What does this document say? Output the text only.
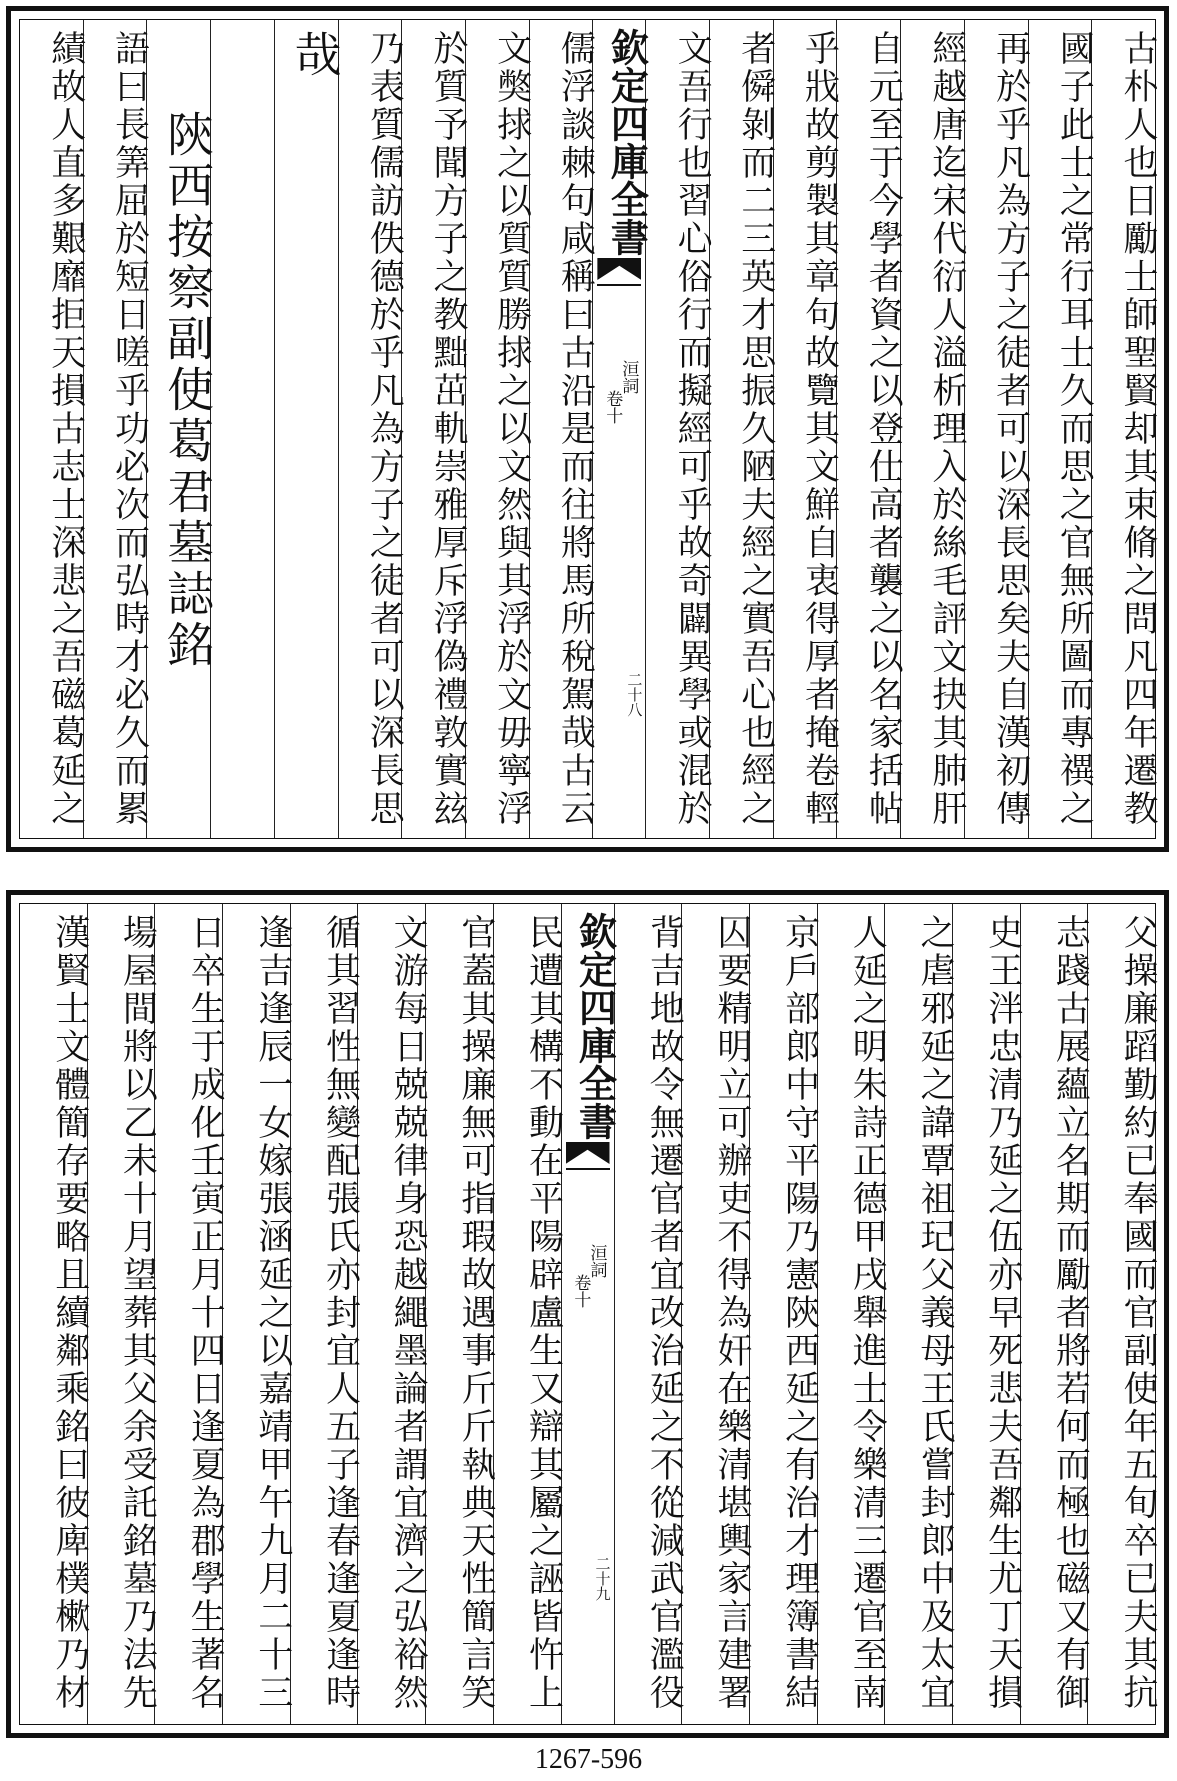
古朴人也日勵士師聖賢却其束脩之問凡四年遷教
國子此士之常行耳士久而思之官無所圖而專禩之
再於乎凡為方子之徒者可以深長思矣夫自漢初傳
經越唐迄宋代衍人溢析理入於絲毛評文抉其肺肝
自元至于今學者資之以登仕高者襲之以名家括帖
乎戕故剪製其章句故覽其文鮮自衷得厚者掩卷輕
者僢剝而二三英才思振久陋夫經之實吾心也經之
文吾行也習心俗行而擬經可乎故奇闢異學或混於
欽定四庫全書
洹詞
卷十
二十八
儒浮談棘句咸稱曰古沿是而往將馬所稅駕哉古云
文獘捄之以質質勝捄之以文然與其浮於文毋寧浮
於質予聞方子之教黜茁軌崇雅厚斥浮偽禮敦實玆
乃表質儒訪佚德於乎凡為方子之徒者可以深長思
哉
陝西按察副使葛君墓誌銘
語曰長筭屈於短日嗟乎功必次而弘時才必久而累
績故人直多艱靡拒天損古志士深悲之吾磁葛延之
父操廉蹈勤約已奉國而官副使年五旬卒已夫其抗
志踐古展蘊立名期而勵者將若何而極也磁又有御
史王泮忠清乃延之伍亦早死悲夫吾鄰生尤丁天損
之虐邪延之諱覃祖玘父義母王氏嘗封郎中及太宜
人延之明朱詩正德甲戌舉進士令樂清三遷官至南
京戶部郎中守平陽乃憲陝西延之有治才理簿書結
囚要精明立可辦吏不得為奸在樂清堪輿家言建署
背吉地故令無遷官者宜改治延之不從減武官濫役
欽定四庫全書
洹詞
卷十
二十九
民遭其構不動在平陽辟盧生又辯其屬之誣皆忤上
官蓋其操廉無可指瑕故遇事斤斤執典天性簡言笑
文游每日兢兢律身恐越繩墨論者謂宜濟之弘裕然
循其習性無變配張氏亦封宜人五子逢春逢夏逢時
逢吉逢辰一女嫁張涵延之以嘉靖甲午九月二十三
日卒生于成化壬寅正月十四日逢夏為郡學生著名
場屋間將以乙未十月望葬其父余受託銘墓乃法先
漢賢士文體簡存要略且續鄰乘銘曰彼庳樸樕乃材
1267-596
